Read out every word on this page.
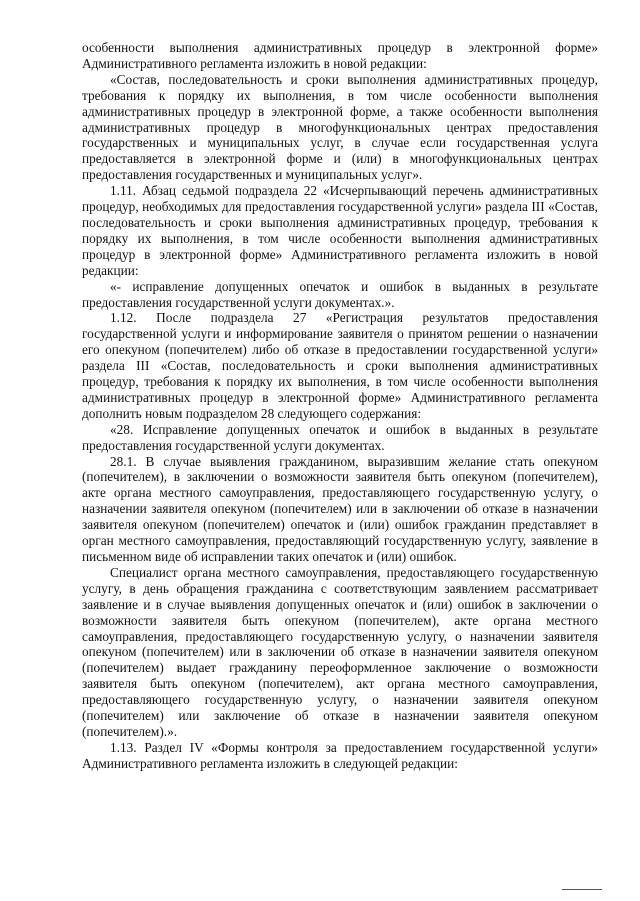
особенности выполнения административных процедур в электронной форме» Административного регламента изложить в новой редакции:

«Состав, последовательность и сроки выполнения административных процедур, требования к порядку их выполнения, в том числе особенности выполнения административных процедур в электронной форме, а также особенности выполнения административных процедур в многофункциональных центрах предоставления государственных и муниципальных услуг, в случае если государственная услуга предоставляется в электронной форме и (или) в многофункциональных центрах предоставления государственных и муниципальных услуг».

1.11. Абзац седьмой подраздела 22 «Исчерпывающий перечень административных процедур, необходимых для предоставления государственной услуги» раздела III «Состав, последовательность и сроки выполнения административных процедур, требования к порядку их выполнения, в том числе особенности выполнения административных процедур в электронной форме» Административного регламента изложить в новой редакции:

«- исправление допущенных опечаток и ошибок в выданных в результате предоставления государственной услуги документах.».

1.12. После подраздела 27 «Регистрация результатов предоставления государственной услуги и информирование заявителя о принятом решении о назначении его опекуном (попечителем) либо об отказе в предоставлении государственной услуги» раздела III «Состав, последовательность и сроки выполнения административных процедур, требования к порядку их выполнения, в том числе особенности выполнения административных процедур в электронной форме» Административного регламента дополнить новым подразделом 28 следующего содержания:

«28. Исправление допущенных опечаток и ошибок в выданных в результате предоставления государственной услуги документах.

28.1. В случае выявления гражданином, выразившим желание стать опекуном (попечителем), в заключении о возможности заявителя быть опекуном (попечителем), акте органа местного самоуправления, предоставляющего государственную услугу, о назначении заявителя опекуном (попечителем) или в заключении об отказе в назначении заявителя опекуном (попечителем) опечаток и (или) ошибок гражданин представляет в орган местного самоуправления, предоставляющий государственную услугу, заявление в письменном виде об исправлении таких опечаток и (или) ошибок.

Специалист органа местного самоуправления, предоставляющего государственную услугу, в день обращения гражданина с соответствующим заявлением рассматривает заявление и в случае выявления допущенных опечаток и (или) ошибок в заключении о возможности заявителя быть опекуном (попечителем), акте органа местного самоуправления, предоставляющего государственную услугу, о назначении заявителя опекуном (попечителем) или в заключении об отказе в назначении заявителя опекуном (попечителем) выдает гражданину переоформленное заключение о возможности заявителя быть опекуном (попечителем), акт органа местного самоуправления, предоставляющего государственную услугу, о назначении заявителя опекуном (попечителем) или заключение об отказе в назначении заявителя опекуном (попечителем).».

1.13. Раздел IV «Формы контроля за предоставлением государственной услуги» Административного регламента изложить в следующей редакции:
